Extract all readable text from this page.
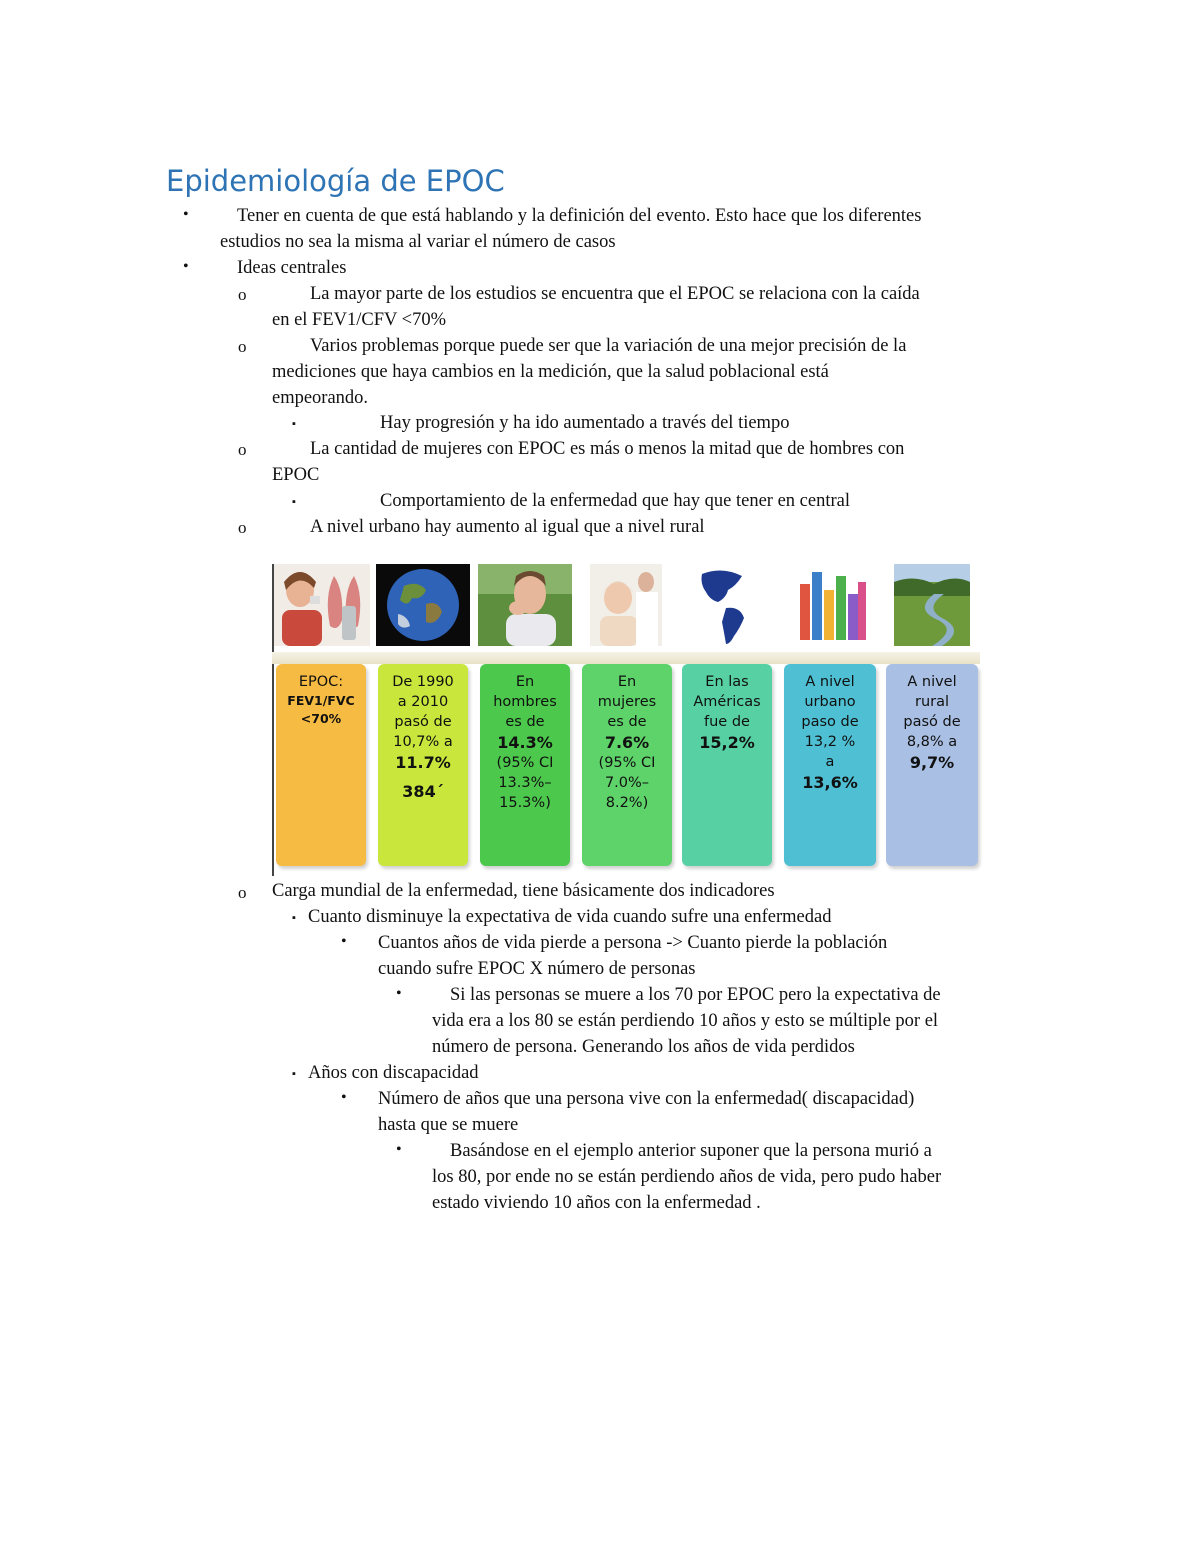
Epidemiología de EPOC
•	Tener en cuenta de que está hablando y la definición del evento. Esto hace que los diferentes
estudios no sea la misma al variar el número de casos
•	Ideas centrales
o	La mayor parte de los estudios se encuentra que el EPOC se relaciona con la caída
en el FEV1/CFV <70%
o	Varios problemas porque puede ser que la variación de una mejor precisión de la
mediciones que haya cambios en la medición, que la salud poblacional está
empeorando.
▪	Hay progresión y ha ido aumentado a través del tiempo
o	La cantidad de mujeres con EPOC es más o menos la mitad que de hombres con
EPOC
▪	Comportamiento de la enfermedad que hay que tener en central
o	A nivel urbano hay aumento al igual que a nivel rural
EPOC:
FEV1/FVC
<70%
De 1990
a 2010
pasó de
10,7% a
11.7%
384´
En
hombres
es de
14.3%
(95% CI
13.3%–
15.3%)
En
mujeres
es de
7.6%
(95% CI
7.0%–
8.2%)
En las
Américas
fue de
15,2%
A nivel
urbano
paso de
13,2 %
a
13,6%
A nivel
rural
pasó de
8,8% a
9,7%
o Carga mundial de la enfermedad, tiene básicamente dos indicadores
▪ Cuanto disminuye la expectativa de vida cuando sufre una enfermedad
• Cuantos años de vida pierde a persona -> Cuanto pierde la población
cuando sufre EPOC X número de personas
•	Si las personas se muere a los 70 por EPOC pero la expectativa de
vida era a los 80 se están perdiendo 10 años y esto se múltiple por el
número de persona. Generando los años de vida perdidos
▪ Años con discapacidad
• Número de años que una persona vive con la enfermedad( discapacidad)
hasta que se muere
•	Basándose en el ejemplo anterior suponer que la persona murió a
los 80, por ende no se están perdiendo años de vida, pero pudo haber
estado viviendo 10 años con la enfermedad .
